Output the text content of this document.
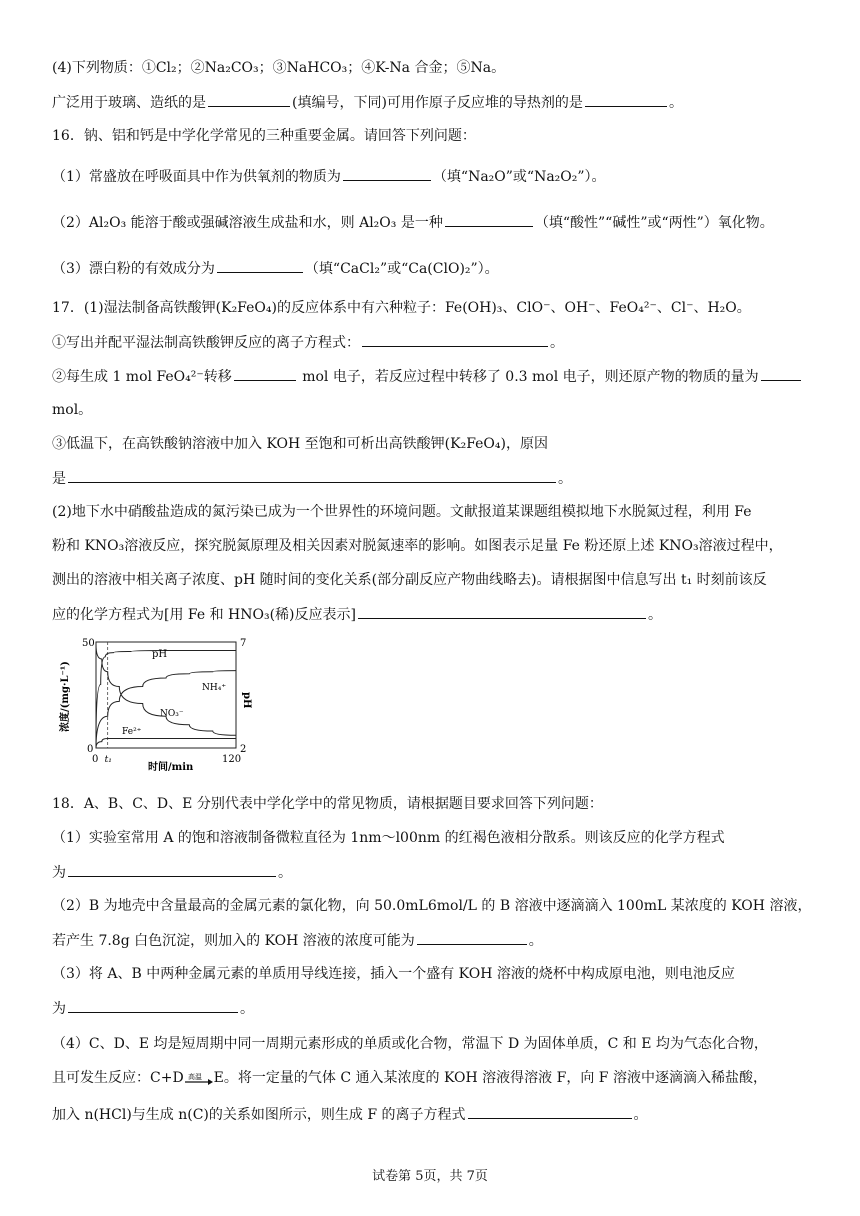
(4)下列物质：①Cl₂；②Na₂CO₃；③NaHCO₃；④K-Na 合金；⑤Na。
广泛用于玻璃、造纸的是	(填编号，下同)可用作原子反应堆的导热剂的是	。
16．钠、铝和钙是中学化学常见的三种重要金属。请回答下列问题：
（1）常盛放在呼吸面具中作为供氧剂的物质为	（填“Na₂O”或“Na₂O₂”）。
（2）Al₂O₃ 能溶于酸或强碱溶液生成盐和水，则 Al₂O₃ 是一种	（填“酸性”“碱性”或“两性”）氧化物。
（3）漂白粉的有效成分为	（填“CaCl₂”或“Ca(ClO)₂”）。
17．(1)湿法制备高铁酸钾(K₂FeO₄)的反应体系中有六种粒子：Fe(OH)₃、ClO⁻、OH⁻、FeO₄²⁻、Cl⁻、H₂O。
①写出并配平湿法制高铁酸钾反应的离子方程式：	。
②每生成 1 mol FeO₄²⁻转移	mol 电子，若反应过程中转移了 0.3 mol 电子，则还原产物的物质的量为
mol。
③低温下，在高铁酸钠溶液中加入 KOH 至饱和可析出高铁酸钾(K₂FeO₄)，原因
是	。
(2)地下水中硝酸盐造成的氮污染已成为一个世界性的环境问题。文献报道某课题组模拟地下水脱氮过程，利用 Fe
粉和 KNO₃溶液反应，探究脱氮原理及相关因素对脱氮速率的影响。如图表示足量 Fe 粉还原上述 KNO₃溶液过程中，
测出的溶液中相关离子浓度、pH 随时间的变化关系(部分副反应产物曲线略去)。请根据图中信息写出 t₁ 时刻前该反
应的化学方程式为[用 Fe 和 HNO₃(稀)反应表示]	。
pH
NH₄⁺
NO₃⁻
Fe²⁺
50
0
7
2
0 t₁	120
时间/min
浓度/(mg·L⁻¹)	pH
18．A、B、C、D、E 分别代表中学化学中的常见物质，请根据题目要求回答下列问题：
（1）实验室常用 A 的饱和溶液制备微粒直径为 1nm～l00nm 的红褐色液相分散系。则该反应的化学方程式
为	。
（2）B 为地壳中含量最高的金属元素的氯化物，向 50.0mL6mol/L 的 B 溶液中逐滴滴入 100mL 某浓度的 KOH 溶液，
若产生 7.8g 白色沉淀，则加入的 KOH 溶液的浓度可能为	。
（3）将 A、B 中两种金属元素的单质用导线连接，插入一个盛有 KOH 溶液的烧杯中构成原电池，则电池反应
为	。
（4）C、D、E 均是短周期中同一周期元素形成的单质或化合物，常温下 D 为固体单质，C 和 E 均为气态化合物，
且可发生反应：C+D 高温 E。将一定量的气体 C 通入某浓度的 KOH 溶液得溶液 F，向 F 溶液中逐滴滴入稀盐酸，
加入 n(HCl)与生成 n(C)的关系如图所示，则生成 F 的离子方程式	。
试卷第 5页，共 7页
